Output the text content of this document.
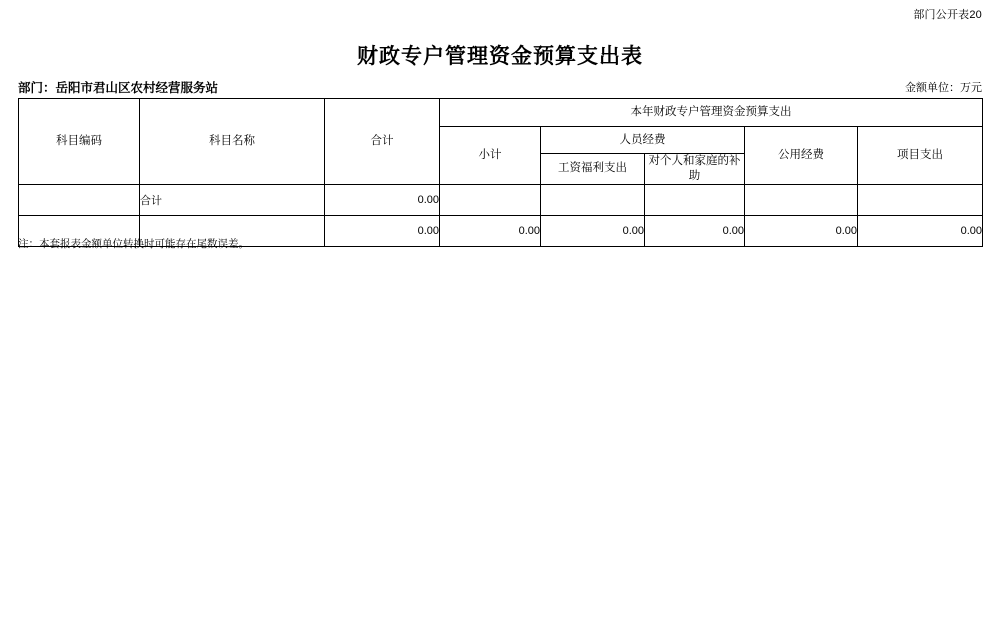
部门公开表20
财政专户管理资金预算支出表
部门：岳阳市君山区农村经营服务站	金额单位：万元
科目编码	科目名称	合计	本年财政专户管理资金预算支出				
			小计	人员经费		公用经费	项目支出
				工资福利支出	对个人和家庭的补助		
	合计	0.00					
		0.00	0.00	0.00	0.00	0.00	0.00
注：本套报表金额单位转换时可能存在尾数误差。
